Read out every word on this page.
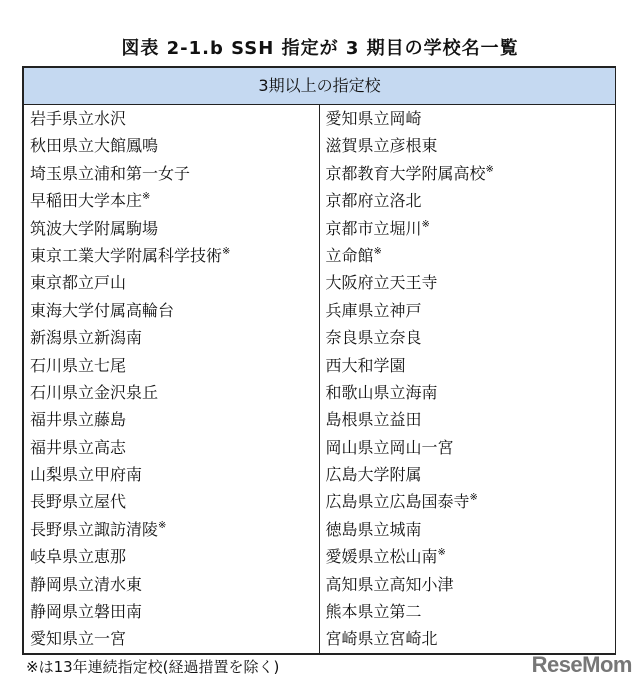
図表 2-1.b SSH 指定が 3 期目の学校名一覧
3期以上の指定校
岩手県立水沢
秋田県立大館鳳鳴
埼玉県立浦和第一女子
早稲田大学本庄※
筑波大学附属駒場
東京工業大学附属科学技術※
東京都立戸山
東海大学付属高輪台
新潟県立新潟南
石川県立七尾
石川県立金沢泉丘
福井県立藤島
福井県立高志
山梨県立甲府南
長野県立屋代
長野県立諏訪清陵※
岐阜県立恵那
静岡県立清水東
静岡県立磐田南
愛知県立一宮
愛知県立岡崎
滋賀県立彦根東
京都教育大学附属高校※
京都府立洛北
京都市立堀川※
立命館※
大阪府立天王寺
兵庫県立神戸
奈良県立奈良
西大和学園
和歌山県立海南
島根県立益田
岡山県立岡山一宮
広島大学附属
広島県立広島国泰寺※
徳島県立城南
愛媛県立松山南※
高知県立高知小津
熊本県立第二
宮崎県立宮崎北
※は13年連続指定校(経過措置を除く)	ReseMom
